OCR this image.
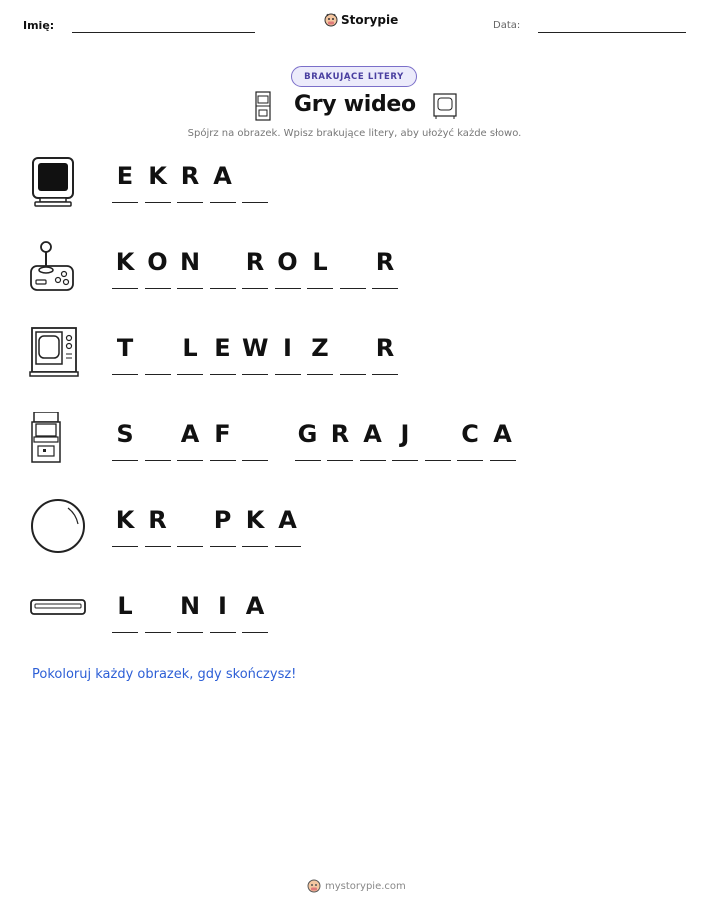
Imię:	Storypie	Data:
BRAKUJĄCE LITERY
Gry wideo
Spójrz na obrazek. Wpisz brakujące litery, aby ułożyć każde słowo.
E K R A
K O N R O L R
T L E W I Z R
S A F	G R A J	C A
K R P K A
L N I A
Pokoloruj każdy obrazek, gdy skończysz!
mystorypie.com
